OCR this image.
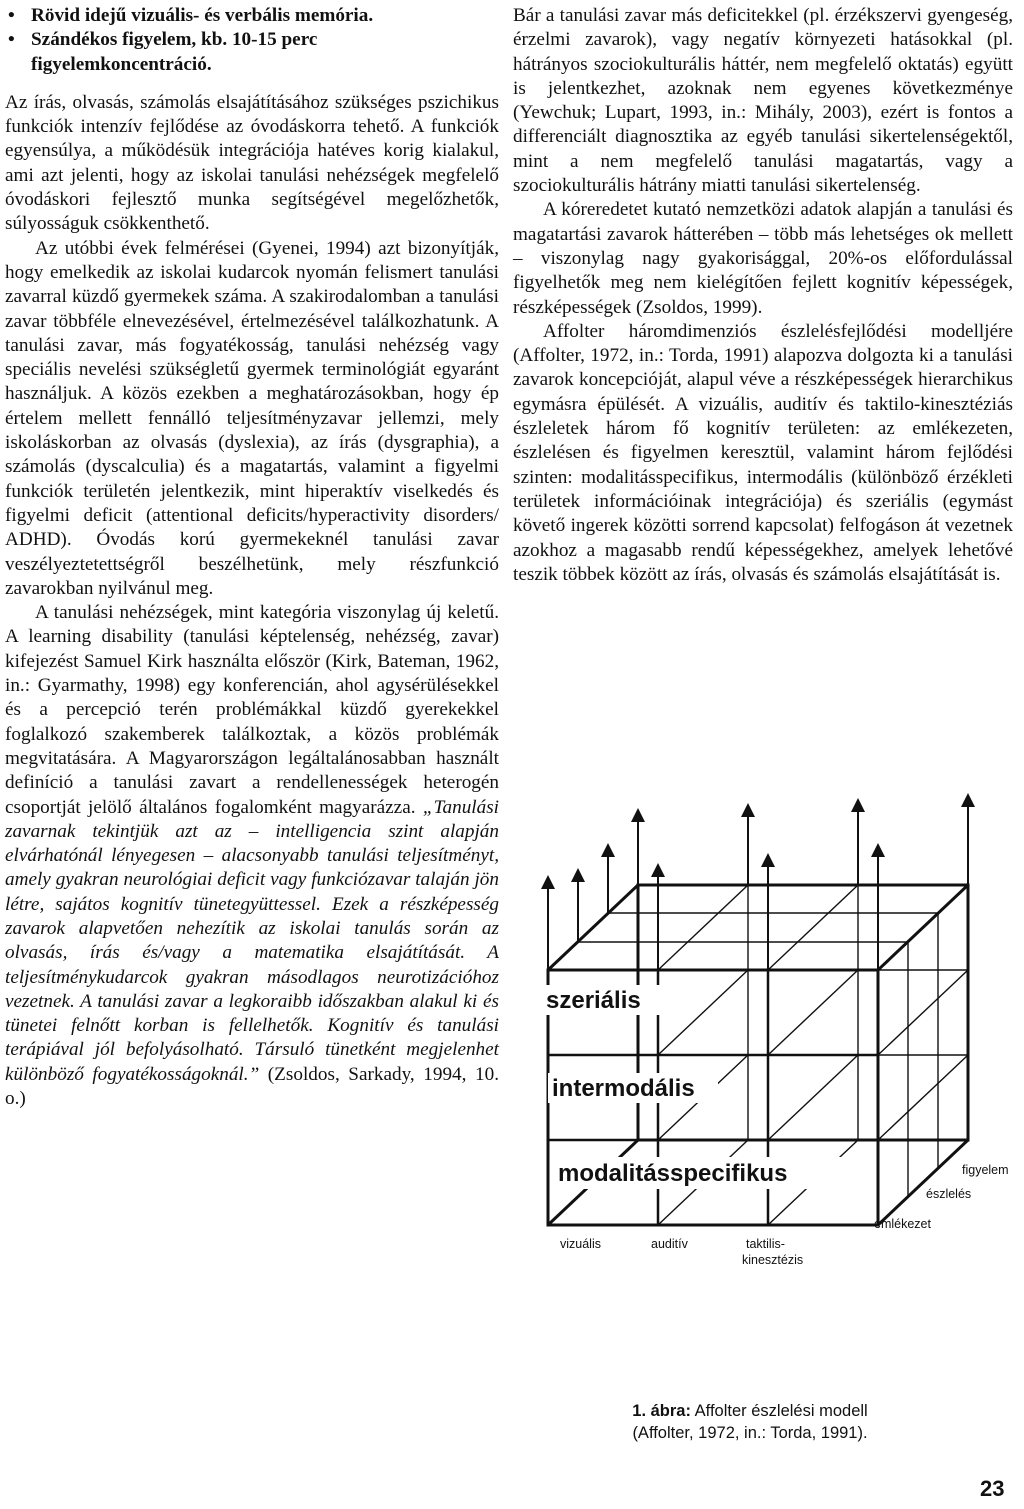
• Rövid idejű vizuális- és verbális memória.
• Szándékos figyelem, kb. 10-15 perc figyelemkoncentráció.

Az írás, olvasás, számolás elsajátításához szükséges pszichikus funkciók intenzív fejlődése az óvodáskorra tehető. A funkciók egyensúlya, a működésük integrációja hatéves korig kialakul, ami azt jelenti, hogy az iskolai tanulási nehézségek megfelelő óvodáskori fejlesztő munka segítségével megelőzhetők, súlyosságuk csökkenthető.

Az utóbbi évek felmérései (Gyenei, 1994) azt bizonyítják, hogy emelkedik az iskolai kudarcok nyomán felismert tanulási zavarral küzdő gyermekek száma. A szakirodalomban a tanulási zavar többféle elnevezésével, értelmezésével találkozhatunk. A tanulási zavar, más fogyatékosság, tanulási nehézség vagy speciális nevelési szükségletű gyermek terminológiát egyaránt használjuk. A közös ezekben a meghatározásokban, hogy ép értelem mellett fennálló teljesítményzavar jellemzi, mely iskoláskorban az olvasás (dyslexia), az írás (dysgraphia), a számolás (dyscalculia) és a magatartás, valamint a figyelmi funkciók területén jelentkezik, mint hiperaktív viselkedés és figyelmi deficit (attentional deficits/hyperactivity disorders/ ADHD). Óvodás korú gyermekeknél tanulási zavar veszélyeztetettségről beszélhetünk, mely részfunkció zavarokban nyilvánul meg.

A tanulási nehézségek, mint kategória viszonylag új keletű. A learning disability (tanulási képtelenség, nehézség, zavar) kifejezést Samuel Kirk használta először (Kirk, Bateman, 1962, in.: Gyarmathy, 1998) egy konferencián, ahol agysérülésekkel és a percepció terén problémákkal küzdő gyerekekkel foglalkozó szakemberek találkoztak, a közös problémák megvitatására. A Magyarországon legáltalánosabban használt definíció a tanulási zavart a rendellenességek heterogén csoportját jelölő általános fogalomként magyarázza. „Tanulási zavarnak tekintjük azt az – intelligencia szint alapján elvárhatónál lényegesen – alacsonyabb tanulási teljesítményt, amely gyakran neurológiai deficit vagy funkciózavar talaján jön létre, sajátos kognitív tünetegyüttessel. Ezek a részképesség zavarok alapvetően nehezítik az iskolai tanulás során az olvasás, írás és/vagy a matematika elsajátítását. A teljesítménykudarcok gyakran másodlagos neurotizációhoz vezetnek. A tanulási zavar a legkoraibb időszakban alakul ki és tünetei felnőtt korban is fellelhetők. Kognitív és tanulási terápiával jól befolyásolható. Társuló tünetként megjelenhet különböző fogyatékosságoknál.” (Zsoldos, Sarkady, 1994, 10. o.)

Bár a tanulási zavar más deficitekkel (pl. érzékszervi gyengeség, érzelmi zavarok), vagy negatív környezeti hatásokkal (pl. hátrányos szociokulturális háttér, nem megfelelő oktatás) együtt is jelentkezhet, azoknak nem egyenes következménye (Yewchuk; Lupart, 1993, in.: Mihály, 2003), ezért is fontos a differenciált diagnosztika az egyéb tanulási sikertelenségektől, mint a nem megfelelő tanulási magatartás, vagy a szociokulturális hátrány miatti tanulási sikertelenség.

A kóreredetet kutató nemzetközi adatok alapján a tanulási és magatartási zavarok hátterében – több más lehetséges ok mellett – viszonylag nagy gyakorisággal, 20%-os előfordulással figyelhetők meg nem kielégítően fejlett kognitív képességek, részképességek (Zsoldos, 1999).

Affolter háromdimenziós észlelésfejlődési modelljére (Affolter, 1972, in.: Torda, 1991) alapozva dolgozta ki a tanulási zavarok koncepcióját, alapul véve a részképességek hierarchikus egymásra épülését. A vizuális, auditív és taktilo-kinesztéziás észleletek három fő kognitív területen: az emlékezeten, észlelésen és figyelmen keresztül, valamint három fejlődési szinten: modalitásspecifikus, intermodális (különböző érzékleti területek információinak integrációja) és szeriális (egymást követő ingerek közötti sorrend kapcsolat) felfogáson át vezetnek azokhoz a magasabb rendű képességekhez, amelyek lehetővé teszik többek között az írás, olvasás és számolás elsajátítását is.

szeriális
intermodális
modalitásspecifikus
vizuális	auditív	taktilis-
kinesztézis
figyelem
észlelés
emlékezet
1. ábra: Affolter észlelési modell
(Affolter, 1972, in.: Torda, 1991).
23
